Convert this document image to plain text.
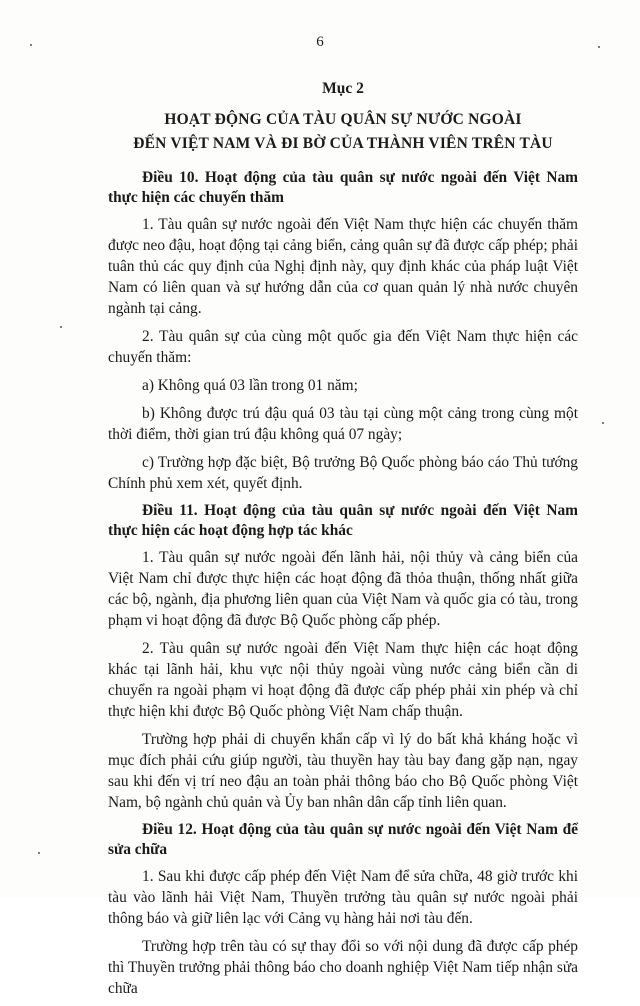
6
Mục 2
HOẠT ĐỘNG CỦA TÀU QUÂN SỰ NƯỚC NGOÀI
ĐẾN VIỆT NAM VÀ ĐI BỜ CỦA THÀNH VIÊN TRÊN TÀU
Điều 10. Hoạt động của tàu quân sự nước ngoài đến Việt Nam thực hiện các chuyến thăm
1. Tàu quân sự nước ngoài đến Việt Nam thực hiện các chuyến thăm được neo đậu, hoạt động tại cảng biển, cảng quân sự đã được cấp phép; phải tuân thủ các quy định của Nghị định này, quy định khác của pháp luật Việt Nam có liên quan và sự hướng dẫn của cơ quan quản lý nhà nước chuyên ngành tại cảng.
2. Tàu quân sự của cùng một quốc gia đến Việt Nam thực hiện các chuyến thăm:
a) Không quá 03 lần trong 01 năm;
b) Không được trú đậu quá 03 tàu tại cùng một cảng trong cùng một thời điểm, thời gian trú đậu không quá 07 ngày;
c) Trường hợp đặc biệt, Bộ trưởng Bộ Quốc phòng báo cáo Thủ tướng Chính phủ xem xét, quyết định.
Điều 11. Hoạt động của tàu quân sự nước ngoài đến Việt Nam thực hiện các hoạt động hợp tác khác
1. Tàu quân sự nước ngoài đến lãnh hải, nội thủy và cảng biển của Việt Nam chỉ được thực hiện các hoạt động đã thỏa thuận, thống nhất giữa các bộ, ngành, địa phương liên quan của Việt Nam và quốc gia có tàu, trong phạm vi hoạt động đã được Bộ Quốc phòng cấp phép.
2. Tàu quân sự nước ngoài đến Việt Nam thực hiện các hoạt động khác tại lãnh hải, khu vực nội thủy ngoài vùng nước cảng biển cần di chuyển ra ngoài phạm vi hoạt động đã được cấp phép phải xin phép và chỉ thực hiện khi được Bộ Quốc phòng Việt Nam chấp thuận.
Trường hợp phải di chuyển khẩn cấp vì lý do bất khả kháng hoặc vì mục đích phải cứu giúp người, tàu thuyền hay tàu bay đang gặp nạn, ngay sau khi đến vị trí neo đậu an toàn phải thông báo cho Bộ Quốc phòng Việt Nam, bộ ngành chủ quản và Ủy ban nhân dân cấp tỉnh liên quan.
Điều 12. Hoạt động của tàu quân sự nước ngoài đến Việt Nam để sửa chữa
1. Sau khi được cấp phép đến Việt Nam để sửa chữa, 48 giờ trước khi tàu vào lãnh hải Việt Nam, Thuyền trưởng tàu quân sự nước ngoài phải thông báo và giữ liên lạc với Cảng vụ hàng hải nơi tàu đến.
Trường hợp trên tàu có sự thay đổi so với nội dung đã được cấp phép thì Thuyền trưởng phải thông báo cho doanh nghiệp Việt Nam tiếp nhận sửa chữa
